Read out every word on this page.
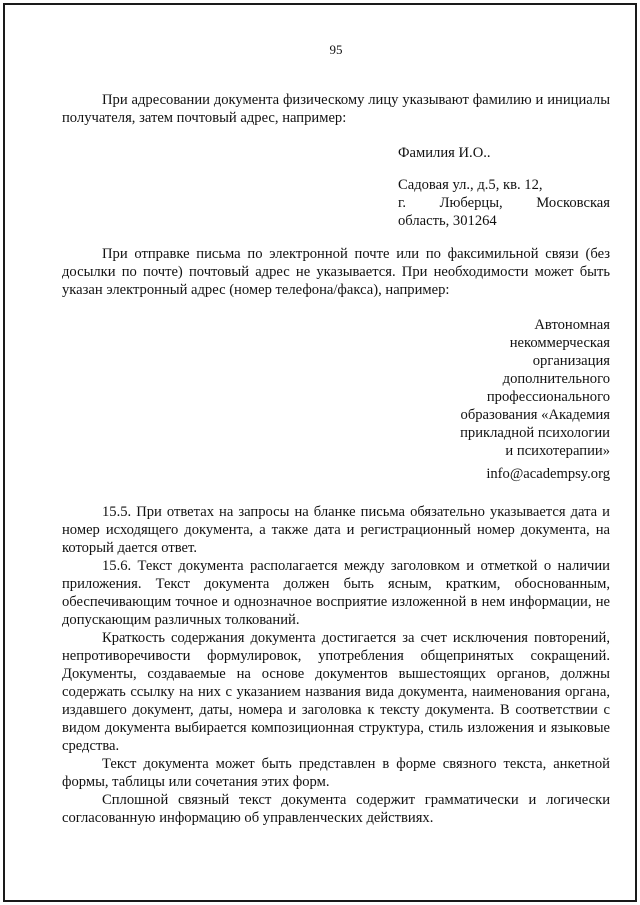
95

При адресовании документа физическому лицу указывают фамилию и инициалы получателя, затем почтовый адрес, например:

Фамилия И.О..
Садовая ул., д.5, кв. 12,
г.     Люберцы,     Московская
область, 301264

При отправке письма по электронной почте или по факсимильной связи (без досылки по почте) почтовый адрес не указывается. При необходимости может быть указан электронный адрес (номер телефона/факса), например:

Автономная
некоммерческая
организация
дополнительного
профессионального
образования «Академия
прикладной психологии
и психотерапии»
info@academpsy.org

15.5. При ответах на запросы на бланке письма обязательно указывается дата и номер исходящего документа, а также дата и регистрационный номер документа, на который дается ответ.

15.6. Текст документа располагается между заголовком и отметкой о наличии приложения. Текст документа должен быть ясным, кратким, обоснованным, обеспечивающим точное и однозначное восприятие изложенной в нем информации, не допускающим различных толкований.

Краткость содержания документа достигается за счет исключения повторений, непротиворечивости формулировок, употребления общепринятых сокращений. Документы, создаваемые на основе документов вышестоящих органов, должны содержать ссылку на них с указанием названия вида документа, наименования органа, издавшего документ, даты, номера и заголовка к тексту документа. В соответствии с видом документа выбирается композиционная структура, стиль изложения и языковые средства.

Текст документа может быть представлен в форме связного текста, анкетной формы, таблицы или сочетания этих форм.

Сплошной связный текст документа содержит грамматически и логически согласованную информацию об управленческих действиях.
